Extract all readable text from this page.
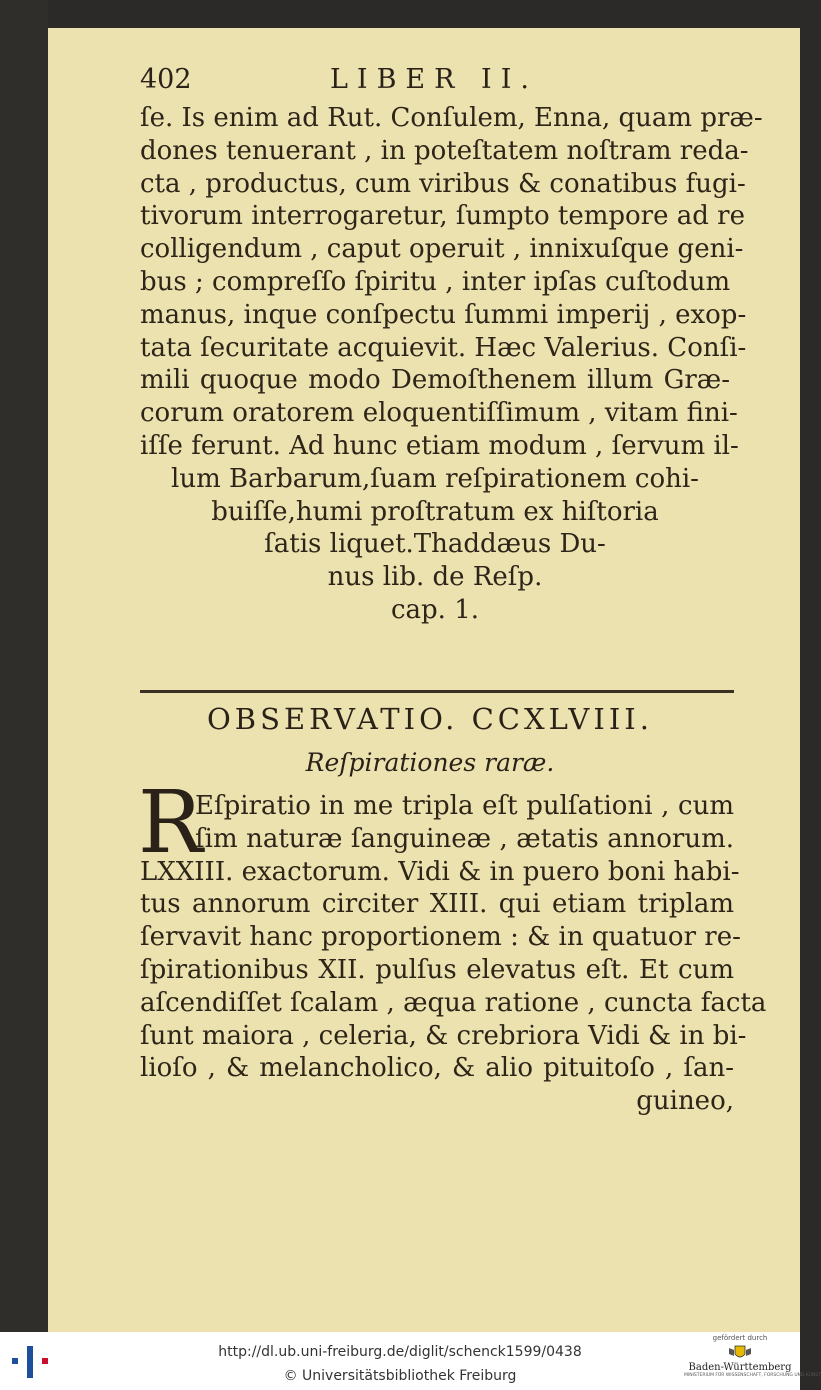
402	LIBER II.
ſe. Is enim ad Rut. Conſulem, Enna, quam præ-
dones tenuerant , in poteſtatem noſtram reda-
cta , productus, cum viribus & conatibus fugi-
tivorum interrogaretur, ſumpto tempore ad re
colligendum , caput operuit , innixuſque geni-
bus ; compreſſo ſpiritu , inter ipſas cuſtodum
manus, inque conſpectu ſummi imperij , exop-
tata ſecuritate acquievit. Hæc Valerius. Conſi-
mili quoque modo Demoſthenem illum Græ-
corum oratorem eloquentiſſimum , vitam fini-
iſſe ferunt. Ad hunc etiam modum , ſervum il-
lum Barbarum,ſuam reſpirationem cohi-
buiſſe,humi proſtratum ex hiſtoria
ſatis liquet.Thaddæus Du-
nus lib. de Reſp.
cap. 1.
OBSERVATIO. CCXLVIII.
Reſpirationes raræ.
R
Eſpiratio in me tripla eſt pulſationi , cum
ſim naturæ ſanguineæ , ætatis annorum.
LXXIII. exactorum. Vidi & in puero boni habi-
tus annorum circiter XIII. qui etiam triplam
ſervavit hanc proportionem : & in quatuor re-
ſpirationibus XII. pulſus elevatus eſt. Et cum
aſcendiſſet ſcalam , æqua ratione , cuncta facta
ſunt maiora , celeria, & crebriora Vidi & in bi-
lioſo , & melancholico, & alio pituitoſo , ſan-
guineo,
http://dl.ub.uni-freiburg.de/diglit/schenck1599/0438
© Universitätsbibliothek Freiburg
gefördert durch
Baden-Württemberg
MINISTERIUM FÜR WISSENSCHAFT, FORSCHUNG UND KUNST
